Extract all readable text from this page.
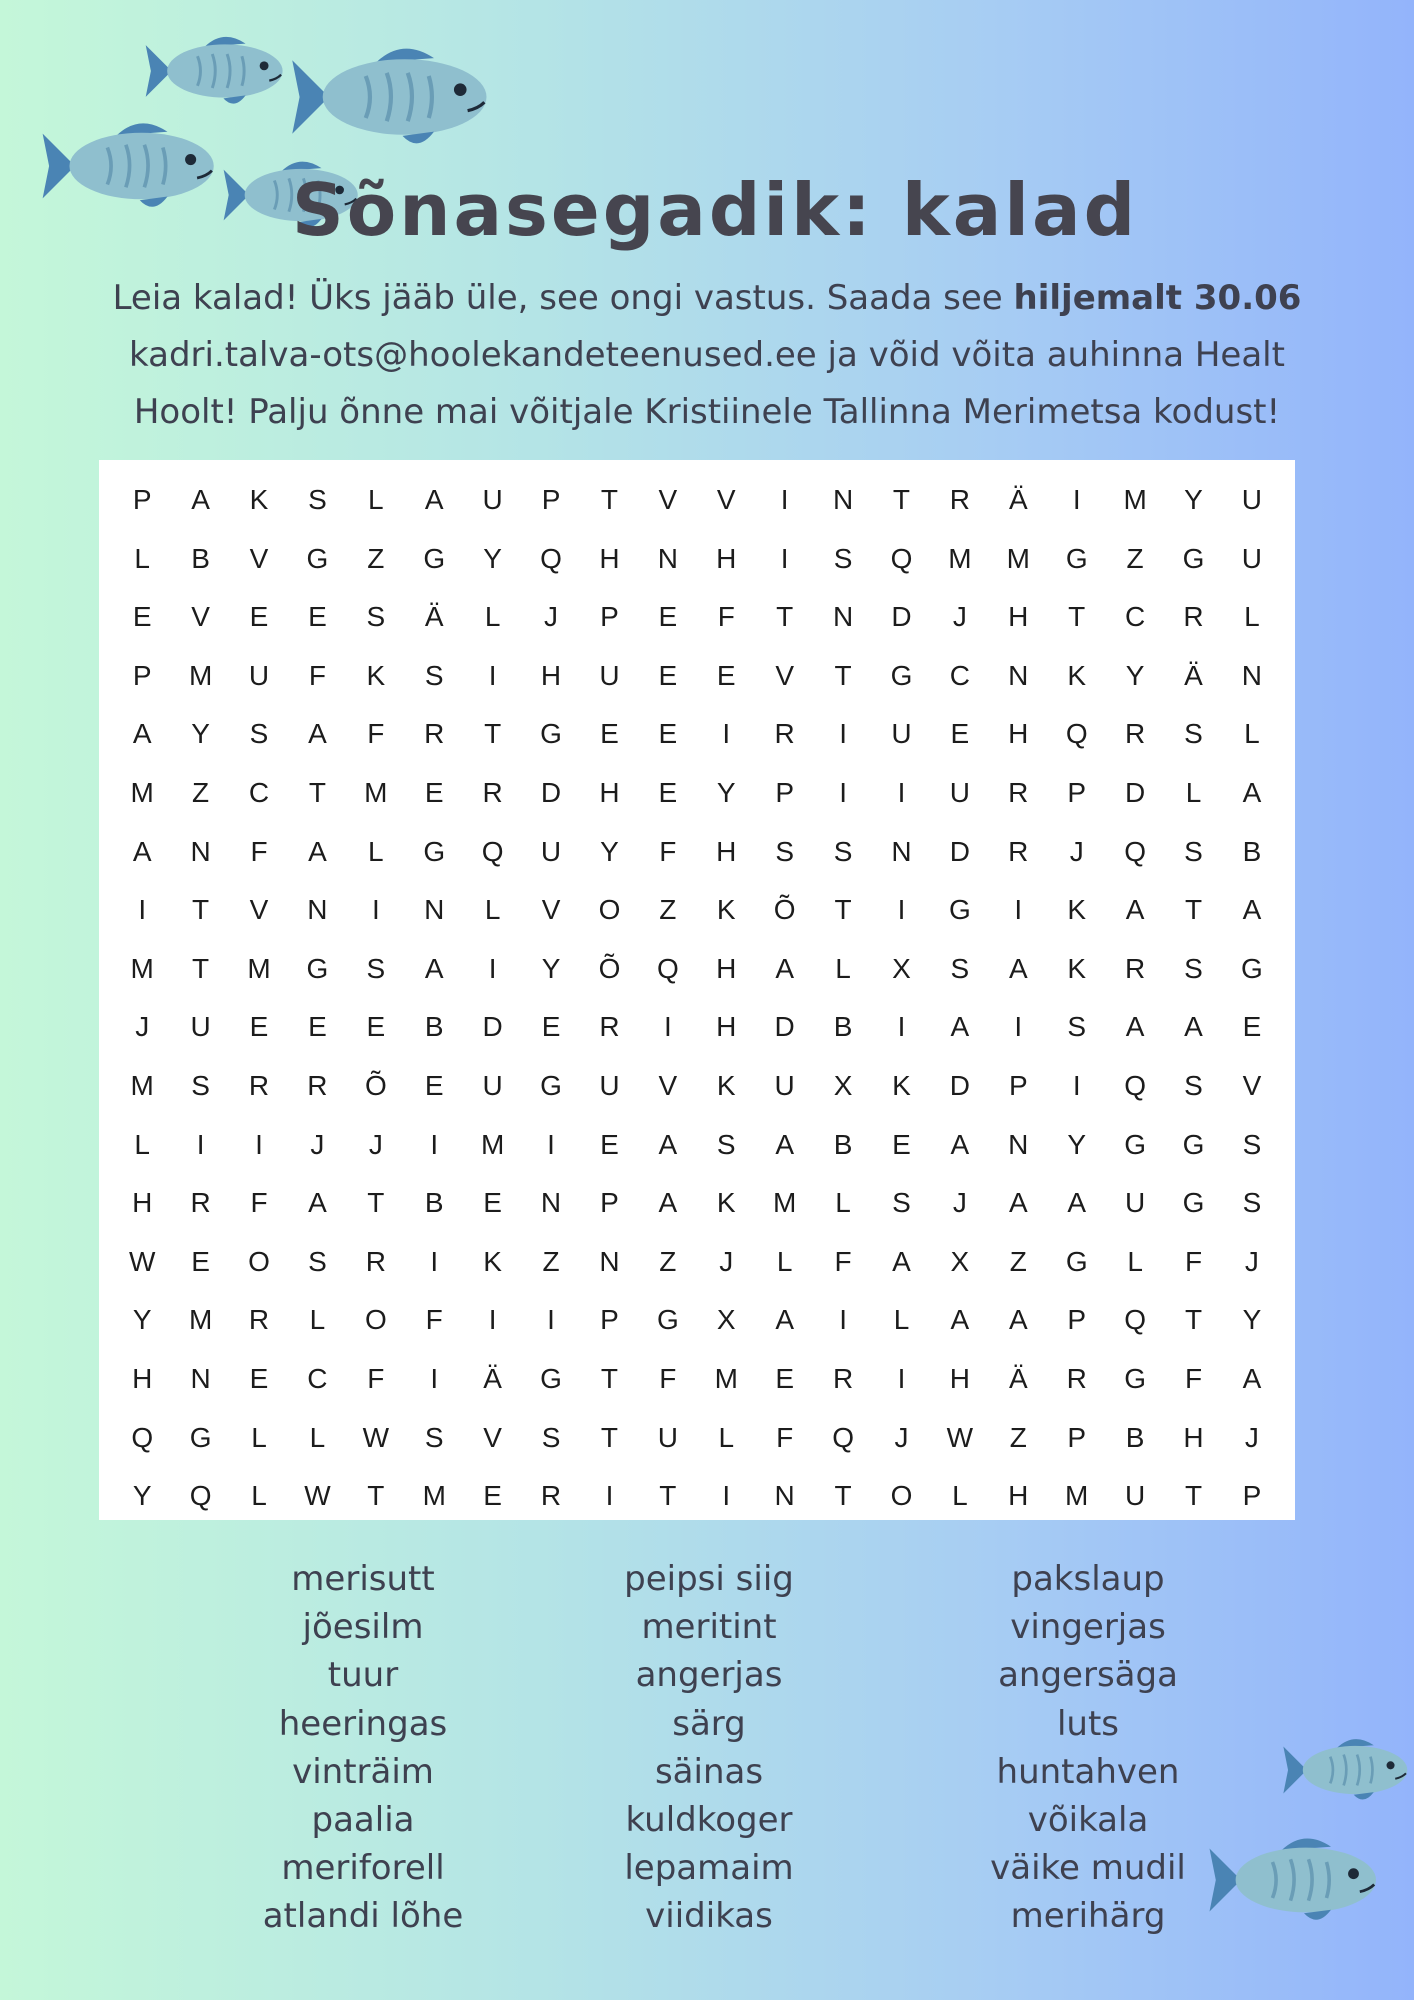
Sõnasegadik: kalad

Leia kalad! Üks jääb üle, see ongi vastus. Saada see hiljemalt 30.06 kadri.talva-ots@hoolekandeteenused.ee ja võid võita auhinna Healt Hoolt! Palju õnne mai võitjale Kristiinele Tallinna Merimetsa kodust!

P	A	K	S	L	A	U	P	T	V	V	I	N	T	R	Ä	I	M	Y	U
L	B	V	G	Z	G	Y	Q	H	N	H	I	S	Q	M	M	G	Z	G	U
E	V	E	E	S	Ä	L	J	P	E	F	T	N	D	J	H	T	C	R	L
P	M	U	F	K	S	I	H	U	E	E	V	T	G	C	N	K	Y	Ä	N
A	Y	S	A	F	R	T	G	E	E	I	R	I	U	E	H	Q	R	S	L
M	Z	C	T	M	E	R	D	H	E	Y	P	I	I	U	R	P	D	L	A
A	N	F	A	L	G	Q	U	Y	F	H	S	S	N	D	R	J	Q	S	B
I	T	V	N	I	N	L	V	O	Z	K	Õ	T	I	G	I	K	A	T	A
M	T	M	G	S	A	I	Y	Õ	Q	H	A	L	X	S	A	K	R	S	G
J	U	E	E	E	B	D	E	R	I	H	D	B	I	A	I	S	A	A	E
M	S	R	R	Õ	E	U	G	U	V	K	U	X	K	D	P	I	Q	S	V
L	I	I	J	J	I	M	I	E	A	S	A	B	E	A	N	Y	G	G	S
H	R	F	A	T	B	E	N	P	A	K	M	L	S	J	A	A	U	G	S
W	E	O	S	R	I	K	Z	N	Z	J	L	F	A	X	Z	G	L	F	J
Y	M	R	L	O	F	I	I	P	G	X	A	I	L	A	A	P	Q	T	Y
H	N	E	C	F	I	Ä	G	T	F	M	E	R	I	H	Ä	R	G	F	A
Q	G	L	L	W	S	V	S	T	U	L	F	Q	J	W	Z	P	B	H	J
Y	Q	L	W	T	M	E	R	I	T	I	N	T	O	L	H	M	U	T	P
merisutt
jõesilm
tuur
heeringas
vinträim
paalia
meriforell
atlandi lõhe
peipsi siig
meritint
angerjas
särg
säinas
kuldkoger
lepamaim
viidikas
pakslaup
vingerjas
angersäga
luts
huntahven
võikala
väike mudil
merihärg
